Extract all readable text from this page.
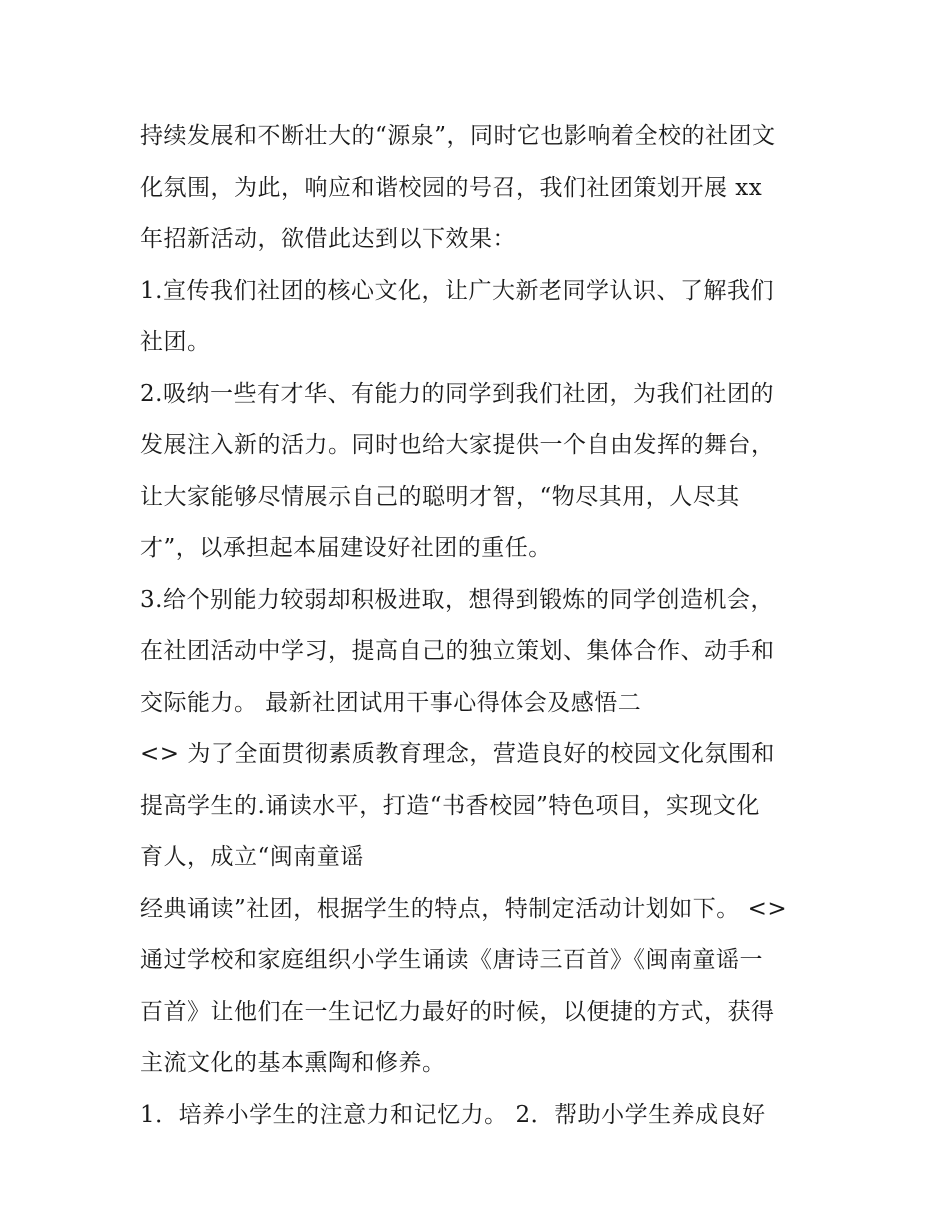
持续发展和不断壮大的“源泉”，同时它也影响着全校的社团文
化氛围，为此，响应和谐校园的号召，我们社团策划开展 xx
年招新活动，欲借此达到以下效果：
1.宣传我们社团的核心文化，让广大新老同学认识、了解我们
社团。
2.吸纳一些有才华、有能力的同学到我们社团，为我们社团的
发展注入新的活力。同时也给大家提供一个自由发挥的舞台，
让大家能够尽情展示自己的聪明才智，“物尽其用，人尽其
才”，以承担起本届建设好社团的重任。
3.给个别能力较弱却积极进取，想得到锻炼的同学创造机会，
在社团活动中学习，提高自己的独立策划、集体合作、动手和
交际能力。 最新社团试用干事心得体会及感悟二
<> 为了全面贯彻素质教育理念，营造良好的校园文化氛围和
提高学生的.诵读水平，打造“书香校园”特色项目，实现文化
育人，成立“闽南童谣
经典诵读”社团，根据学生的特点，特制定活动计划如下。 <>
通过学校和家庭组织小学生诵读《唐诗三百首》《闽南童谣一
百首》让他们在一生记忆力最好的时候，以便捷的方式，获得
主流文化的基本熏陶和修养。
1．培养小学生的注意力和记忆力。 2．帮助小学生养成良好
